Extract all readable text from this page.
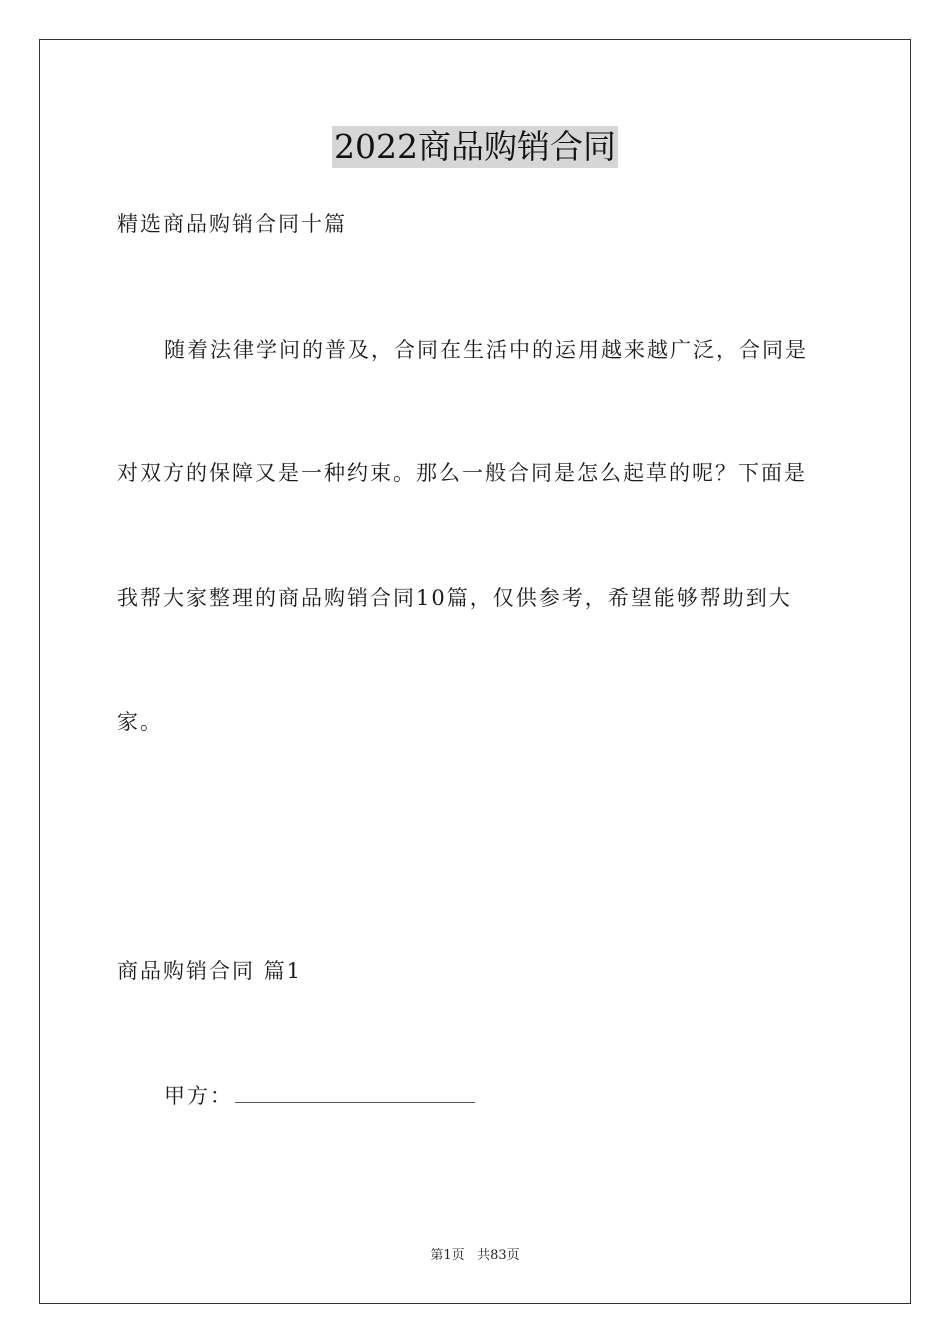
2022商品购销合同
精选商品购销合同十篇
随着法律学问的普及，合同在生活中的运用越来越广泛，合同是
对双方的保障又是一种约束。那么一般合同是怎么起草的呢？下面是
我帮大家整理的商品购销合同10篇，仅供参考，希望能够帮助到大
家。
商品购销合同 篇1
甲方：
第1页 共83页
